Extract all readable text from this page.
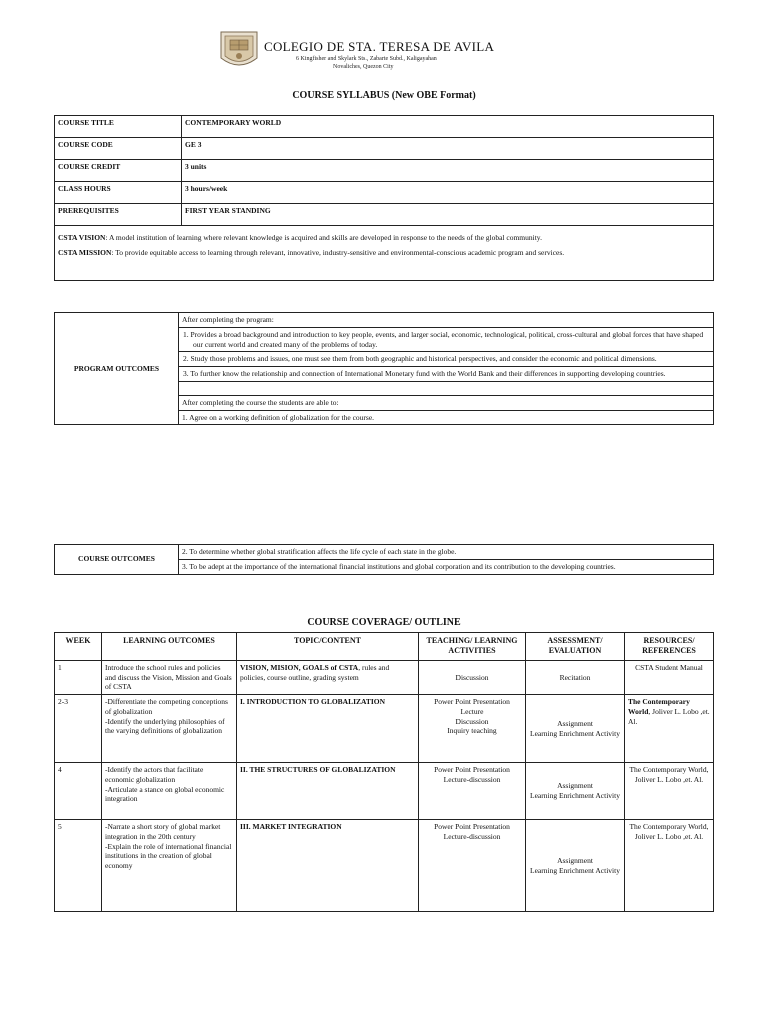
COLEGIO DE STA. TERESA DE AVILA
6 Kingfisher and Skylark Sts., Zabarte Subd., Kaligayahan
Novaliches, Quezon City
COURSE SYLLABUS (New OBE Format)
COURSE TITLE	CONTEMPORARY WORLD
COURSE CODE	GE 3
COURSE CREDIT	3 units
CLASS HOURS	3 hours/week
PREREQUISITES	FIRST YEAR STANDING

CSTA VISION: A model institution of learning where relevant knowledge is acquired and skills are developed in response to the needs of the global community.

CSTA MISSION: To provide equitable access to learning through relevant, innovative, industry-sensitive and environmental-conscious academic program and services.	

PROGRAM OUTCOMES	After completing the program:
1. Provides a broad background and introduction to key people, events, and larger social, economic, technological, political, cross-cultural and global forces that have shaped our current world and created many of the problems of today.
2. Study those problems and issues, one must see them from both geographic and historical perspectives, and consider the economic and political dimensions.
3. To further know the relationship and connection of International Monetary fund with the World Bank and their differences in supporting developing countries.

After completing the course the students are able to:
1. Agree on a working definition of globalization for the course.
COURSE OUTCOMES	2. To determine whether global stratification affects the life cycle of each state in the globe.
3. To be adept at the importance of the international financial institutions and global corporation and its contribution to the developing countries.
COURSE COVERAGE/ OUTLINE
WEEK	LEARNING OUTCOMES	TOPIC/CONTENT	TEACHING/ LEARNING ACTIVITIES	ASSESSMENT/ EVALUATION	RESOURCES/ REFERENCES
1	Introduce the school rules and policies and discuss the Vision, Mission and Goals of CSTA	VISION, MISION, GOALS of CSTA, rules and policies, course outline, grading system	Discussion	Recitation	CSTA Student Manual
2-3	-Differentiate the competing conceptions of globalization
-Identify the underlying philosophies of the varying definitions of globalization	I. INTRODUCTION TO GLOBALIZATION	Power Point Presentation
Lecture
Discussion
Inquiry teaching	Assignment
Learning Enrichment Activity	The Contemporary World, Joliver L. Lobo ,et. Al.
4	-Identify the actors that facilitate economic globalization
-Articulate a stance on global economic integration	II. THE STRUCTURES OF GLOBALIZATION	Power Point Presentation
Lecture-discussion	Assignment
Learning Enrichment Activity	The Contemporary World, Joliver L. Lobo ,et. Al.
5	-Narrate a short story of global market integration in the 20th century
-Explain the role of international financial institutions in the creation of global economy	III. MARKET INTEGRATION	Power Point Presentation
Lecture-discussion	Assignment
Learning Enrichment Activity	The Contemporary World, Joliver L. Lobo ,et. Al.
